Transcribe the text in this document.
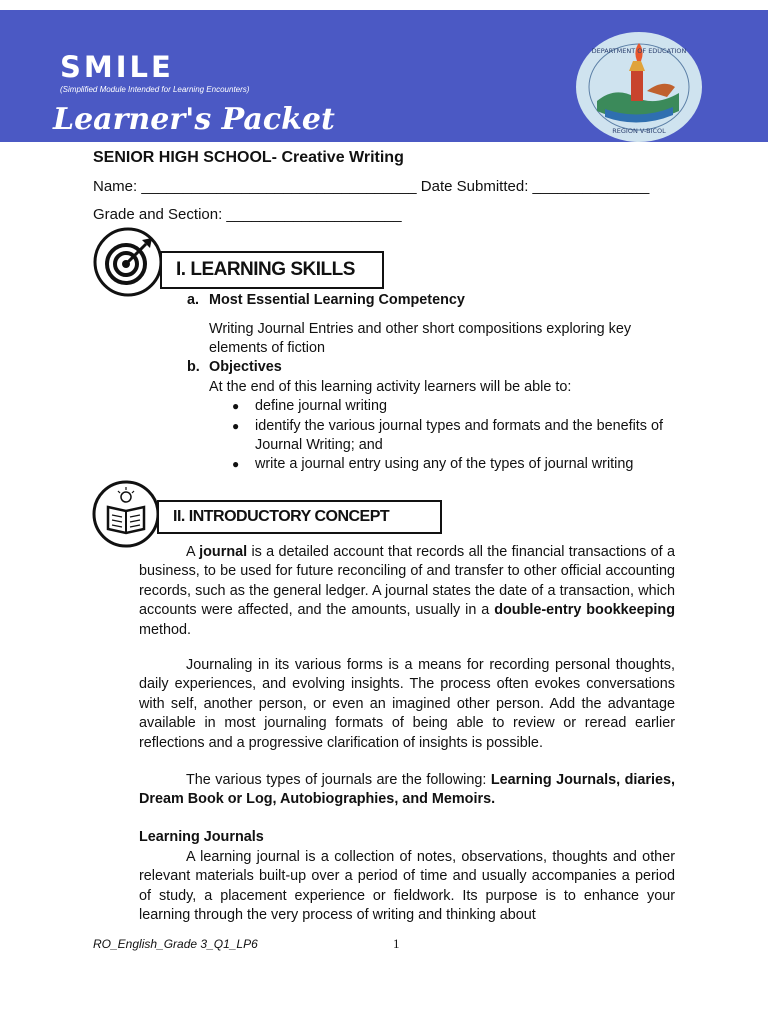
SMILE
(Simplified Module Intended for Learning Encounters)
Learner's Packet
DEPARTMENT OF EDUCATION
REGION V-BICOL
SENIOR HIGH SCHOOL- Creative Writing
Name: _________________________________ Date Submitted: ______________
Grade and Section: _____________________
I. LEARNING SKILLS
a. Most Essential Learning Competency
Writing Journal Entries and other short compositions exploring key elements of fiction
b. Objectives
At the end of this learning activity learners will be able to:
● define journal writing
● identify the various journal types and formats and the benefits of Journal Writing; and
● write a journal entry using any of the types of journal writing
II. INTRODUCTORY CONCEPT
A journal is a detailed account that records all the financial transactions of a business, to be used for future reconciling of and transfer to other official accounting records, such as the general ledger. A journal states the date of a transaction, which accounts were affected, and the amounts, usually in a double-entry bookkeeping method.
Journaling in its various forms is a means for recording personal thoughts, daily experiences, and evolving insights. The process often evokes conversations with self, another person, or even an imagined other person. Add the advantage available in most journaling formats of being able to review or reread earlier reflections and a progressive clarification of insights is possible.
The various types of journals are the following: Learning Journals, diaries, Dream Book or Log, Autobiographies, and Memoirs.
Learning Journals
A learning journal is a collection of notes, observations, thoughts and other relevant materials built-up over a period of time and usually accompanies a period of study, a placement experience or fieldwork. Its purpose is to enhance your learning through the very process of writing and thinking about
RO_English_Grade 3_Q1_LP6	1
